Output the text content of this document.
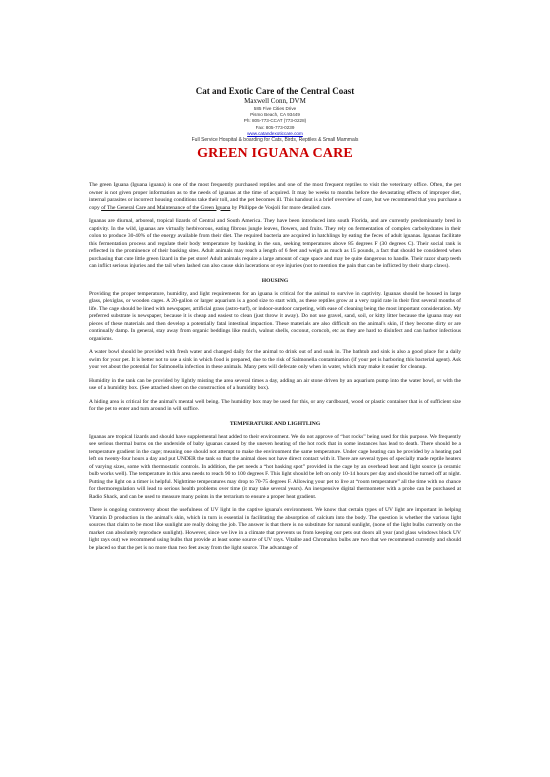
Cat and Exotic Care of the Central Coast
Maxwell Conn, DVM
585 Five Cities Drive
Pismo Beach, CA 93449
Ph: 805-773-CCAT (773-0228)
Fax: 805-773-0239
www.catandexoticcare.com
Full Service Hospital & boarding for Cats, Birds, Reptiles & Small Mammals
GREEN IGUANA CARE

The green Iguana (Iguana iguana) is one of the most frequently purchased reptiles and one of the most frequent reptiles to visit the veterinary office. Often, the pet owner is not given proper information as to the needs of iguanas at the time of acquired. It may be weeks to months before the devastating effects of improper diet, internal parasites or incorrect housing conditions take their toll, and the pet becomes ill. This handout is a brief overview of care, but we recommend that you purchase a copy of The General Care and Maintenance of the Green Iguana by Philippe de Vosjoli for more detailed care.

Iguanas are diurnal, arboreal, tropical lizards of Central and South America. They have been introduced into south Florida, and are currently predominantly bred in captivity. In the wild, iguanas are virtually herbivorous, eating fibrous jungle leaves, flowers, and fruits. They rely on fermentation of complex carbohydrates in their colon to produce 30-40% of the energy available from their diet. The required bacteria are acquired in hatchlings by eating the feces of adult iguanas. Iguanas facilitate this fermentation process and regulate their body temperature by basking in the sun, seeking temperatures above 85 degrees F (30 degrees C). Their social rank is reflected in the prominence of their basking sites. Adult animals may reach a length of 6 feet and weigh as much as 15 pounds, a fact that should be considered when purchasing that cute little green lizard in the pet store! Adult animals require a large amount of cage space and may be quite dangerous to handle. Their razor sharp teeth can inflict serious injuries and the tail when lashed can also cause skin lacerations or eye injuries (not to mention the pain that can be inflicted by their sharp claws).

HOUSING

Providing the proper temperature, humidity, and light requirements for an iguana is critical for the animal to survive in captivity. Iguanas should be housed in large glass, plexiglas, or wooden cages. A 20-gallon or larger aquarium is a good size to start with, as these reptiles grow at a very rapid rate in their first several months of life. The cage should be lined with newspaper, artificial grass (astro-turf), or indoor-outdoor carpeting, with ease of cleaning being the most important consideration. My preferred substrate is newspaper, because it is cheap and easiest to clean (just throw it away). Do not use gravel, sand, soil, or kitty litter because the iguana may eat pieces of these materials and then develop a potentially fatal intestinal impaction. These materials are also difficult on the animal's skin, if they become dirty or are continually damp. In general, stay away from organic beddings like mulch, walnut shells, coconut, corncob, etc as they are hard to disinfect and can harbor infectious organisms.

A water bowl should be provided with fresh water and changed daily for the animal to drink out of and soak in. The bathtub and sink is also a good place for a daily swim for your pet. It is better not to use a sink in which food is prepared, due to the risk of Salmonella contamination (if your pet is harboring this bacterial agent). Ask your vet about the potential for Salmonella infection in these animals. Many pets will defecate only when in water, which may make it easier for cleanup.

Humidity in the tank can be provided by lightly misting the area several times a day, adding an air stone driven by an aquarium pump into the water bowl, or with the use of a humidity box. (See attached sheet on the construction of a humidity box).

A hiding area is critical for the animal's mental well being. The humidity box may be used for this, or any cardboard, wood or plastic container that is of sufficient size for the pet to enter and turn around in will suffice.

TEMPERATURE AND LIGHTLING

Iguanas are tropical lizards and should have supplemental heat added to their environment. We do not approve of “hot rocks” being used for this purpose. We frequently see serious thermal burns on the underside of baby iguanas caused by the uneven heating of the hot rock that in some instances has lead to death. There should be a temperature gradient in the cage; meaning one should not attempt to make the environment the same temperature. Under cage heating can be provided by a heating pad left on twenty-four hours a day and put UNDER the tank so that the animal does not have direct contact with it. There are several types of specially made reptile heaters of varying sizes, some with thermostatic controls. In addition, the pet needs a “hot basking spot” provided in the cage by an overhead heat and light source (a ceramic bulb works well). The temperature in this area needs to reach 90 to 100 degrees F. This light should be left on only 10-14 hours per day and should be turned off at night. Putting the light on a timer is helpful. Nighttime temperatures may drop to 70-75 degrees F. Allowing your pet to live at “room temperature” all the time with no chance for thermoregulation will lead to serious health problems over time (it may take several years). An inexpensive digital thermometer with a probe can be purchased at Radio Shack, and can be used to measure many points in the terrarium to ensure a proper heat gradient.

There is ongoing controversy about the usefulness of UV light in the captive iguana's environment. We know that certain types of UV light are important in helping Vitamin D production in the animal's skin, which in turn is essential in facilitating the absorption of calcium into the body. The question is whether the various light sources that claim to be most like sunlight are really doing the job. The answer is that there is no substitute for natural sunlight, (none of the light bulbs currently on the market can absolutely reproduce sunlight). However, since we live in a climate that prevents us from keeping our pets out doors all year (and glass windows block UV light rays out) we recommend using bulbs that provide at least some source of UV rays. Vitalite and Chromalux bulbs are two that we recommend currently and should be placed so that the pet is no more than two feet away from the light source. The advantage of
